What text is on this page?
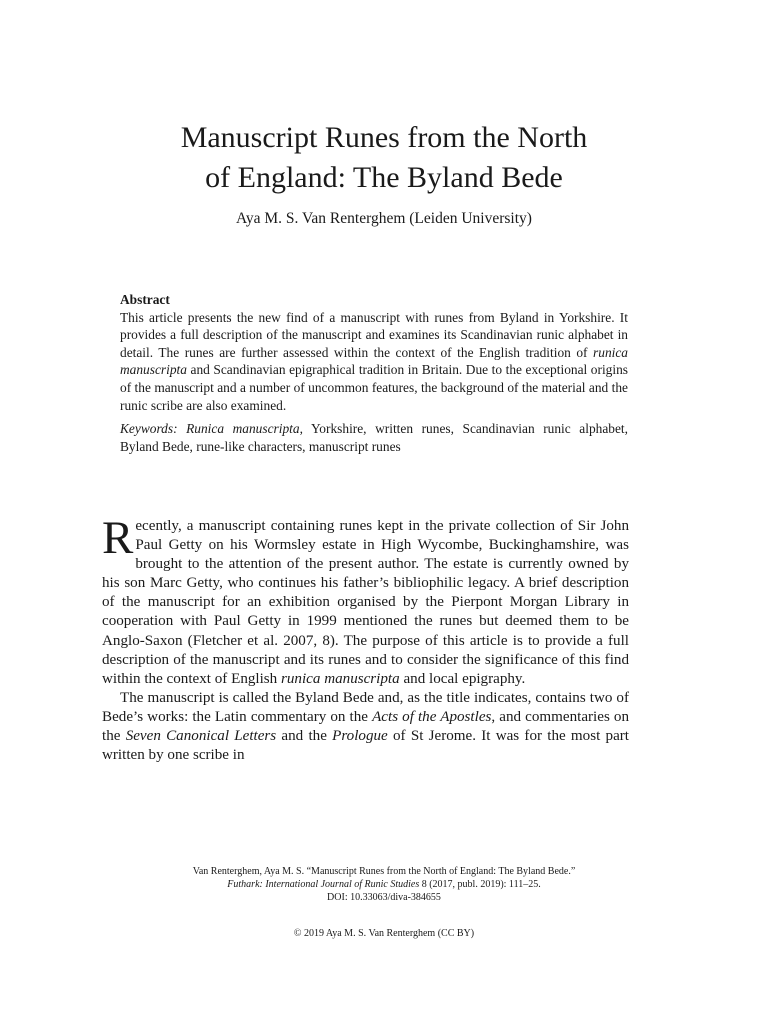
Manuscript Runes from the North
of England: The Byland Bede
Aya M. S. Van Renterghem (Leiden University)
Abstract

This article presents the new find of a manuscript with runes from Byland in Yorkshire. It provides a full description of the manuscript and examines its Scandinavian runic alphabet in detail. The runes are further assessed within the context of the English tradition of runica manuscripta and Scandinavian epigraphical tradition in Britain. Due to the exceptional origins of the manuscript and a number of uncommon features, the background of the material and the runic scribe are also examined.

Keywords: Runica manuscripta, Yorkshire, written runes, Scandinavian runic alphabet, Byland Bede, rune-like characters, manuscript runes

Recently, a manuscript containing runes kept in the private collection of Sir John Paul Getty on his Wormsley estate in High Wycombe, Buckinghamshire, was brought to the attention of the present author. The estate is currently owned by his son Marc Getty, who continues his father’s bibliophilic legacy. A brief description of the manuscript for an exhibition organised by the Pierpont Morgan Library in cooperation with Paul Getty in 1999 mentioned the runes but deemed them to be Anglo-Saxon (Fletcher et al. 2007, 8). The purpose of this article is to provide a full description of the manuscript and its runes and to consider the significance of this find within the context of English runica manuscripta and local epigraphy.

The manuscript is called the Byland Bede and, as the title indicates, contains two of Bede’s works: the Latin commentary on the Acts of the Apostles, and commentaries on the Seven Canonical Letters and the Prologue of St Jerome. It was for the most part written by one scribe in

Van Renterghem, Aya M. S. “Manuscript Runes from the North of England: The Byland Bede.”
Futhark: International Journal of Runic Studies 8 (2017, publ. 2019): 111–25.
DOI: 10.33063/diva-384655
© 2019 Aya M. S. Van Renterghem (CC BY)
